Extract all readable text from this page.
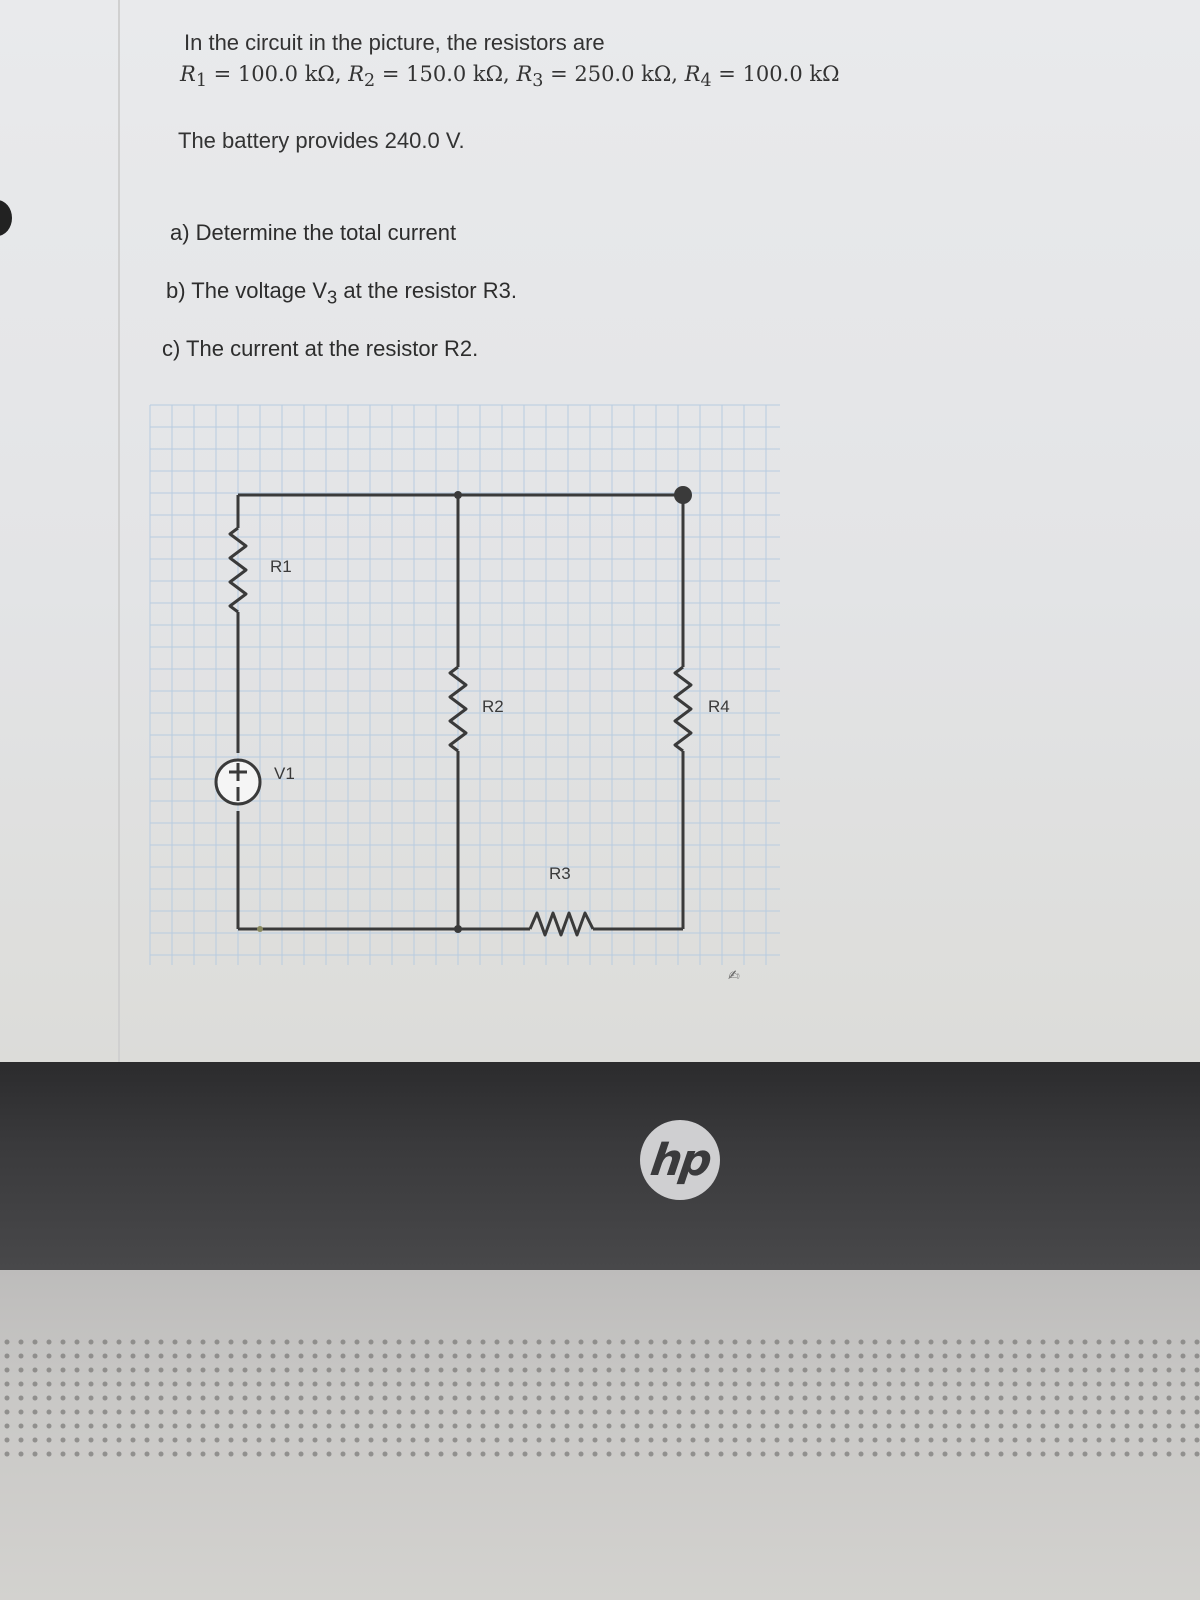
In the circuit in the picture, the resistors are

$R_1 = 100.0$ kΩ, $R_2 = 150.0$ kΩ, $R_3 = 250.0$ kΩ, $R_4 = 100.0$ kΩ

The battery provides 240.0 V.

a) Determine the total current

b) The voltage $V_3$ at the resistor R3.

c) The current at the resistor R2.

R1
R2	R4
V1
R3
✍
hp
